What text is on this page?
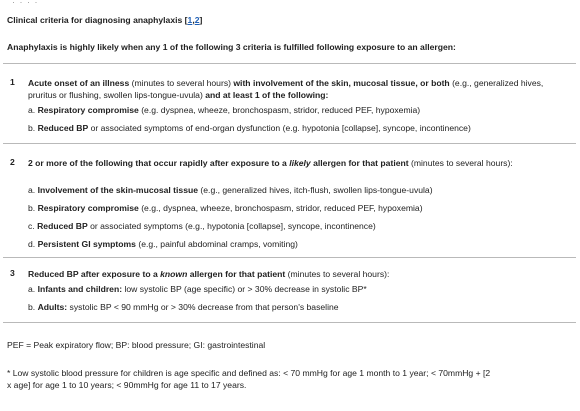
· · · ·
Clinical criteria for diagnosing anaphylaxis [1,2]
Anaphylaxis is highly likely when any 1 of the following 3 criteria is fulfilled following exposure to an allergen:
1 Acute onset of an illness (minutes to several hours) with involvement of the skin, mucosal tissue, or both (e.g., generalized hives, pruritus or flushing, swollen lips-tongue-uvula) and at least 1 of the following:
a. Respiratory compromise (e.g. dyspnea, wheeze, bronchospasm, stridor, reduced PEF, hypoxemia)
b. Reduced BP or associated symptoms of end-organ dysfunction (e.g. hypotonia [collapse], syncope, incontinence)
2 2 or more of the following that occur rapidly after exposure to a likely allergen for that patient (minutes to several hours):
a. Involvement of the skin-mucosal tissue (e.g., generalized hives, itch-flush, swollen lips-tongue-uvula)
b. Respiratory compromise (e.g., dyspnea, wheeze, bronchospasm, stridor, reduced PEF, hypoxemia)
c. Reduced BP or associated symptoms (e.g., hypotonia [collapse], syncope, incontinence)
d. Persistent GI symptoms (e.g., painful abdominal cramps, vomiting)
3 Reduced BP after exposure to a known allergen for that patient (minutes to several hours):
a. Infants and children: low systolic BP (age specific) or > 30% decrease in systolic BP*
b. Adults: systolic BP < 90 mmHg or > 30% decrease from that person's baseline
PEF = Peak expiratory flow; BP: blood pressure; GI: gastrointestinal
* Low systolic blood pressure for children is age specific and defined as: < 70 mmHg for age 1 month to 1 year; < 70mmHg + [2
x age] for age 1 to 10 years; < 90mmHg for age 11 to 17 years.
